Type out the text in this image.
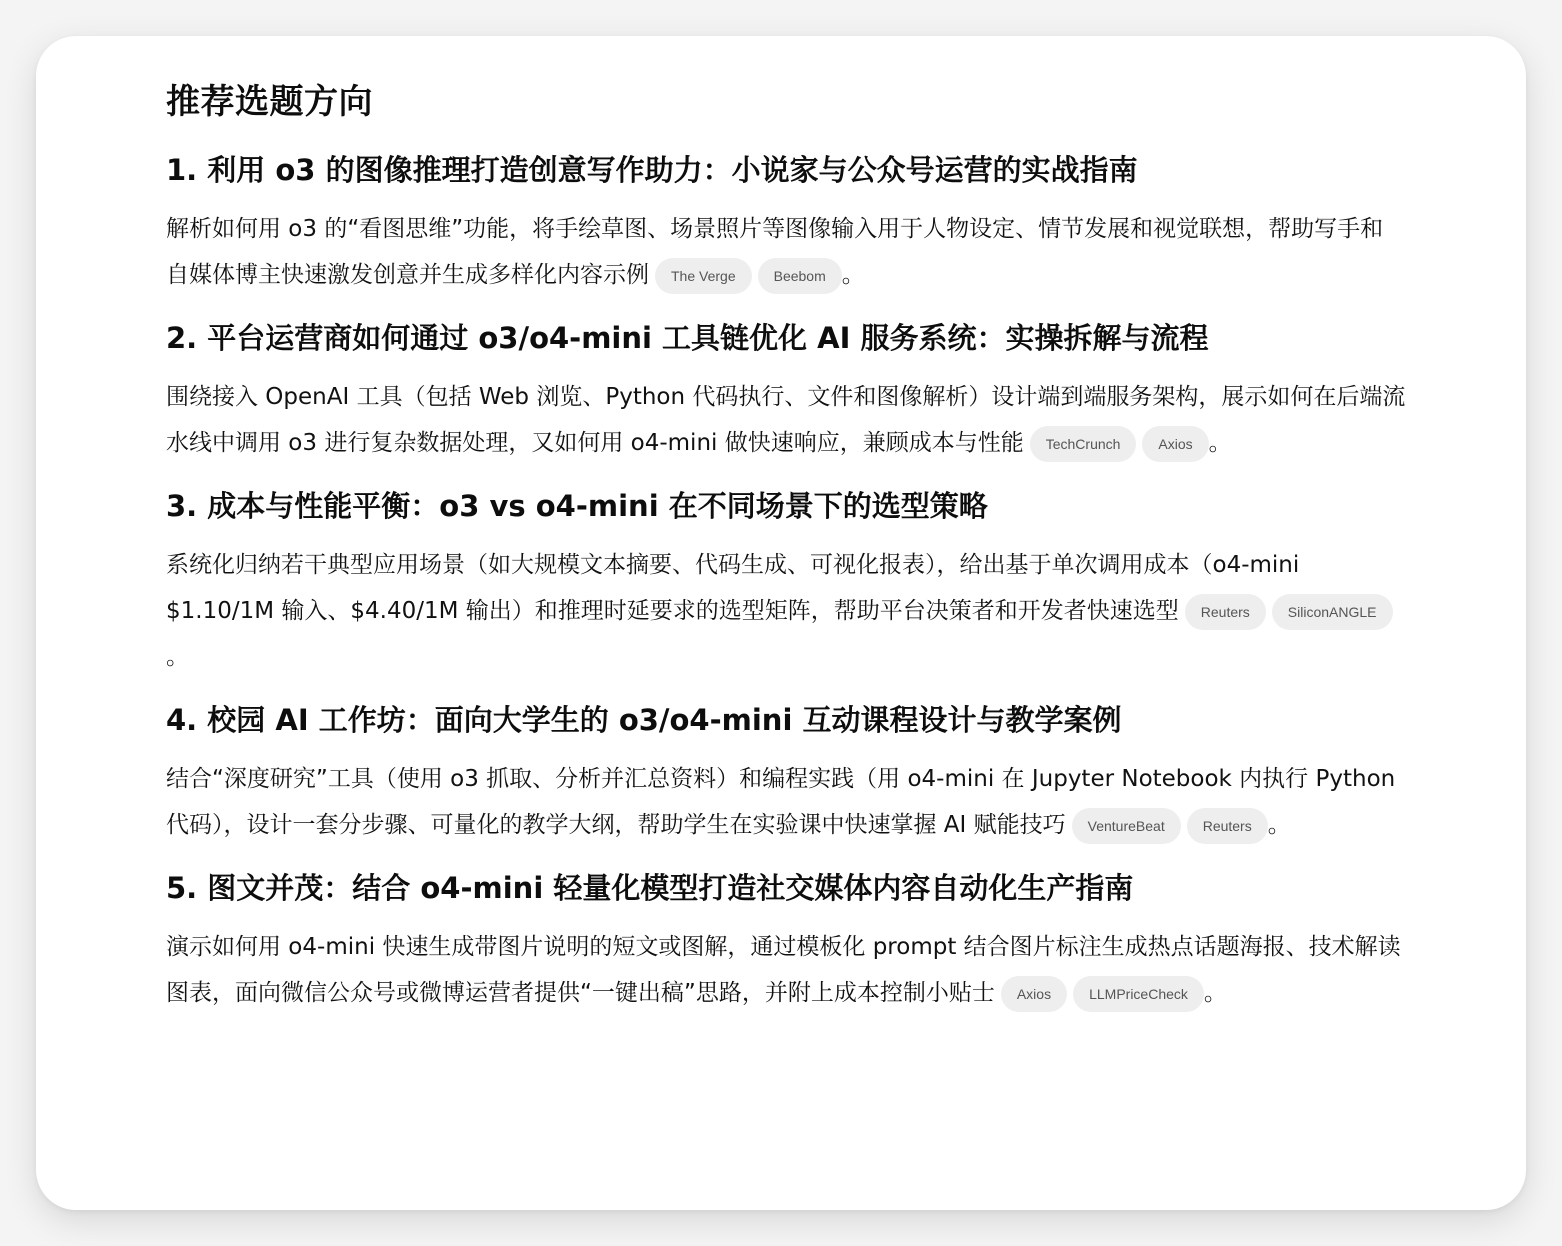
推荐选题方向
1. 利用 o3 的图像推理打造创意写作助力：小说家与公众号运营的实战指南

解析如何用 o3 的“看图思维”功能，将手绘草图、场景照片等图像输入用于人物设定、情节发展和视觉联想，帮助写手和自媒体博主快速激发创意并生成多样化内容示例 The Verge	Beebom 。

2. 平台运营商如何通过 o3/o4-mini 工具链优化 AI 服务系统：实操拆解与流程

围绕接入 OpenAI 工具（包括 Web 浏览、Python 代码执行、文件和图像解析）设计端到端服务架构，展示如何在后端流水线中调用 o3 进行复杂数据处理，又如何用 o4-mini 做快速响应，兼顾成本与性能 TechCrunch	Axios 。

3. 成本与性能平衡：o3 vs o4-mini 在不同场景下的选型策略

系统化归纳若干典型应用场景（如大规模文本摘要、代码生成、可视化报表），给出基于单次调用成本（o4-mini $1.10/1M 输入、$4.40/1M 输出）和推理时延要求的选型矩阵，帮助平台决策者和开发者快速选型 Reuters	SiliconANGLE。

4. 校园 AI 工作坊：面向大学生的 o3/o4-mini 互动课程设计与教学案例

结合“深度研究”工具（使用 o3 抓取、分析并汇总资料）和编程实践（用 o4-mini 在 Jupyter Notebook 内执行 Python 代码），设计一套分步骤、可量化的教学大纲，帮助学生在实验课中快速掌握 AI 赋能技巧 VentureBeat	Reuters 。

5. 图文并茂：结合 o4-mini 轻量化模型打造社交媒体内容自动化生产指南

演示如何用 o4-mini 快速生成带图片说明的短文或图解，通过模板化 prompt 结合图片标注生成热点话题海报、技术解读图表，面向微信公众号或微博运营者提供“一键出稿”思路，并附上成本控制小贴士 Axios	LLMPriceCheck 。
